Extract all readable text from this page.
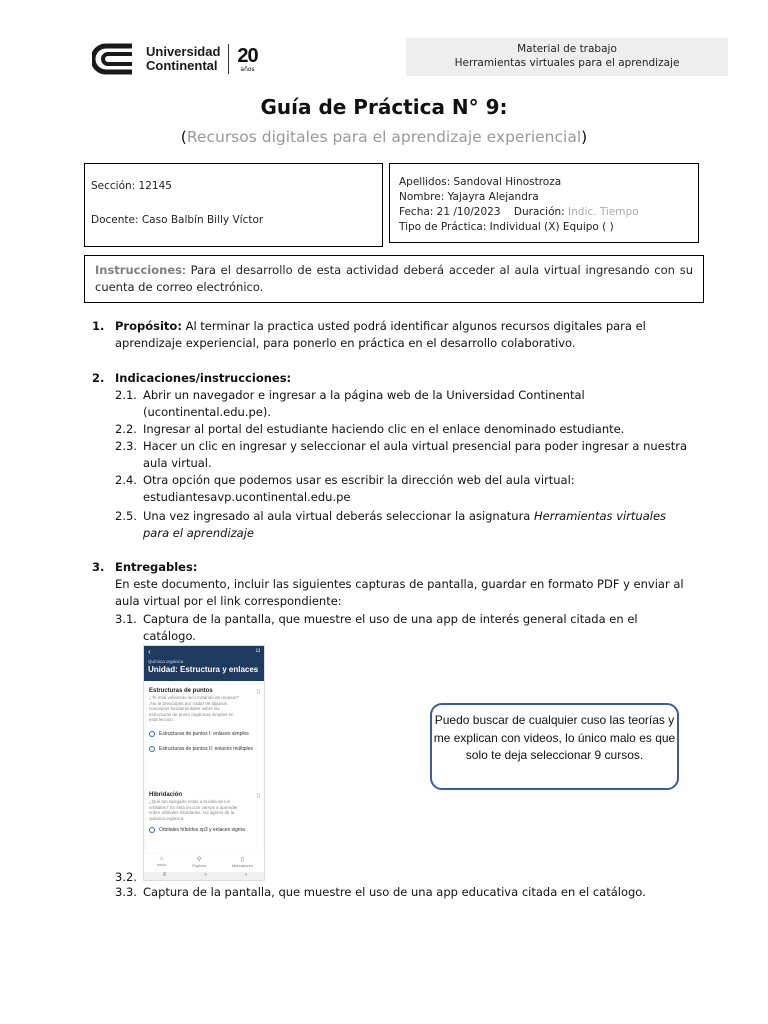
Universidad
Continental 20
años
Material de trabajo
Herramientas virtuales para el aprendizaje
Guía de Práctica N° 9:
(Recursos digitales para el aprendizaje experiencial)
Sección: 12145
Docente: Caso Balbín Billy Víctor
Apellidos: Sandoval Hinostroza
Nombre: Yajayra Alejandra
Fecha: 21 /10/2023 Duración: Indic. Tiempo
Tipo de Práctica: Individual (X) Equipo ( )
Instrucciones: Para el desarrollo de esta actividad deberá acceder al aula virtual ingresando con su cuenta de correo electrónico.
1. Propósito: Al terminar la practica usted podrá identificar algunos recursos digitales para el aprendizaje experiencial, para ponerlo en práctica en el desarrollo colaborativo.
2. Indicaciones/instrucciones:
2.1. Abrir un navegador e ingresar a la página web de la Universidad Continental (ucontinental.edu.pe).
2.2. Ingresar al portal del estudiante haciendo clic en el enlace denominado estudiante.
2.3. Hacer un clic en ingresar y seleccionar el aula virtual presencial para poder ingresar a nuestra aula virtual.
2.4. Otra opción que podemos usar es escribir la dirección web del aula virtual: estudiantesavp.ucontinental.edu.pe
2.5. Una vez ingresado al aula virtual deberás seleccionar la asignatura Herramientas virtuales para el aprendizaje
3. Entregables:
En este documento, incluir las siguientes capturas de pantalla, guardar en formato PDF y enviar al aula virtual por el link correspondiente:
3.1. Captura de la pantalla, que muestre el uso de una app de interés general citada en el catálogo.
‹	⌑
Química orgánica
Unidad: Estructura y enlaces
▯
Estructuras de puntos
¿Te está volviendo loco tratando de repasar? ¡No te preocupes por nada! Ve algunos conceptos fundamentales sobre las estructuras de punto orgánicas simples en esta lección.
Estructuras de puntos I: enlaces simples
Estructuras de puntos II: enlaces múltiples
▯
Hibridación
¿Qué tan apegado estás a la idea de los orbitales? En esta lección vamos a aprender sobre orbitales hibridados, los ligeros de la química orgánica.
Orbitales híbridos sp3 y enlaces sigma
⌂
Inicio
⚲
Explora
▯
Marcadores
≡	○	‹
Puedo buscar de cualquier cuso las teorías y me explican con videos, lo único malo es que solo te deja seleccionar 9 cursos.
3.2.
3.3. Captura de la pantalla, que muestre el uso de una app educativa citada en el catálogo.
